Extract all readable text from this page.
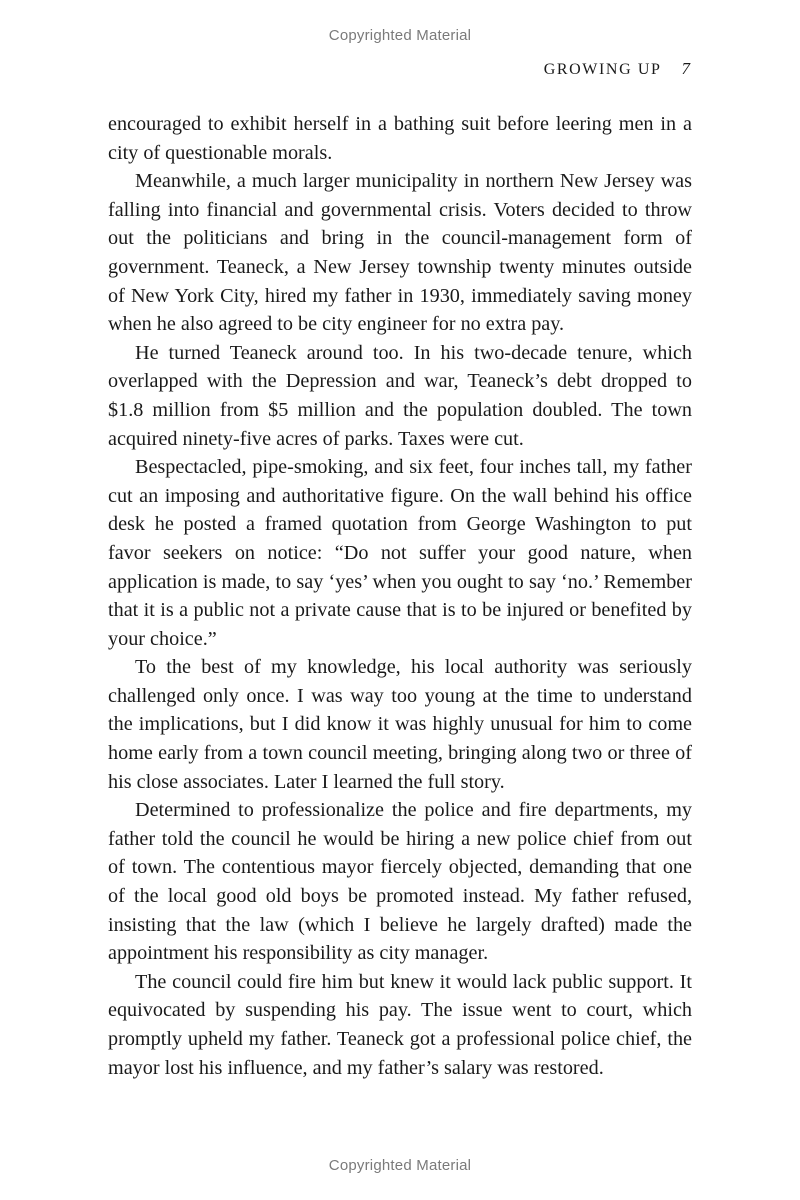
Copyrighted Material
GROWING UP 7

encouraged to exhibit herself in a bathing suit before leering men in a city of questionable morals.

Meanwhile, a much larger municipality in northern New Jersey was falling into financial and governmental crisis. Voters decided to throw out the politicians and bring in the council-management form of government. Teaneck, a New Jersey township twenty minutes outside of New York City, hired my father in 1930, immediately saving money when he also agreed to be city engineer for no extra pay.

He turned Teaneck around too. In his two-decade tenure, which overlapped with the Depression and war, Teaneck’s debt dropped to $1.8 million from $5 million and the population doubled. The town acquired ninety-five acres of parks. Taxes were cut.

Bespectacled, pipe-smoking, and six feet, four inches tall, my father cut an imposing and authoritative figure. On the wall behind his office desk he posted a framed quotation from George Washington to put favor seekers on notice: “Do not suffer your good nature, when application is made, to say ‘yes’ when you ought to say ‘no.’ Remember that it is a public not a private cause that is to be injured or benefited by your choice.”

To the best of my knowledge, his local authority was seriously challenged only once. I was way too young at the time to understand the implications, but I did know it was highly unusual for him to come home early from a town council meeting, bringing along two or three of his close associates. Later I learned the full story.

Determined to professionalize the police and fire departments, my father told the council he would be hiring a new police chief from out of town. The contentious mayor fiercely objected, demanding that one of the local good old boys be promoted instead. My father refused, insisting that the law (which I believe he largely drafted) made the appointment his responsibility as city manager.

The council could fire him but knew it would lack public support. It equivocated by suspending his pay. The issue went to court, which promptly upheld my father. Teaneck got a professional police chief, the mayor lost his influence, and my father’s salary was restored.

Copyrighted Material
